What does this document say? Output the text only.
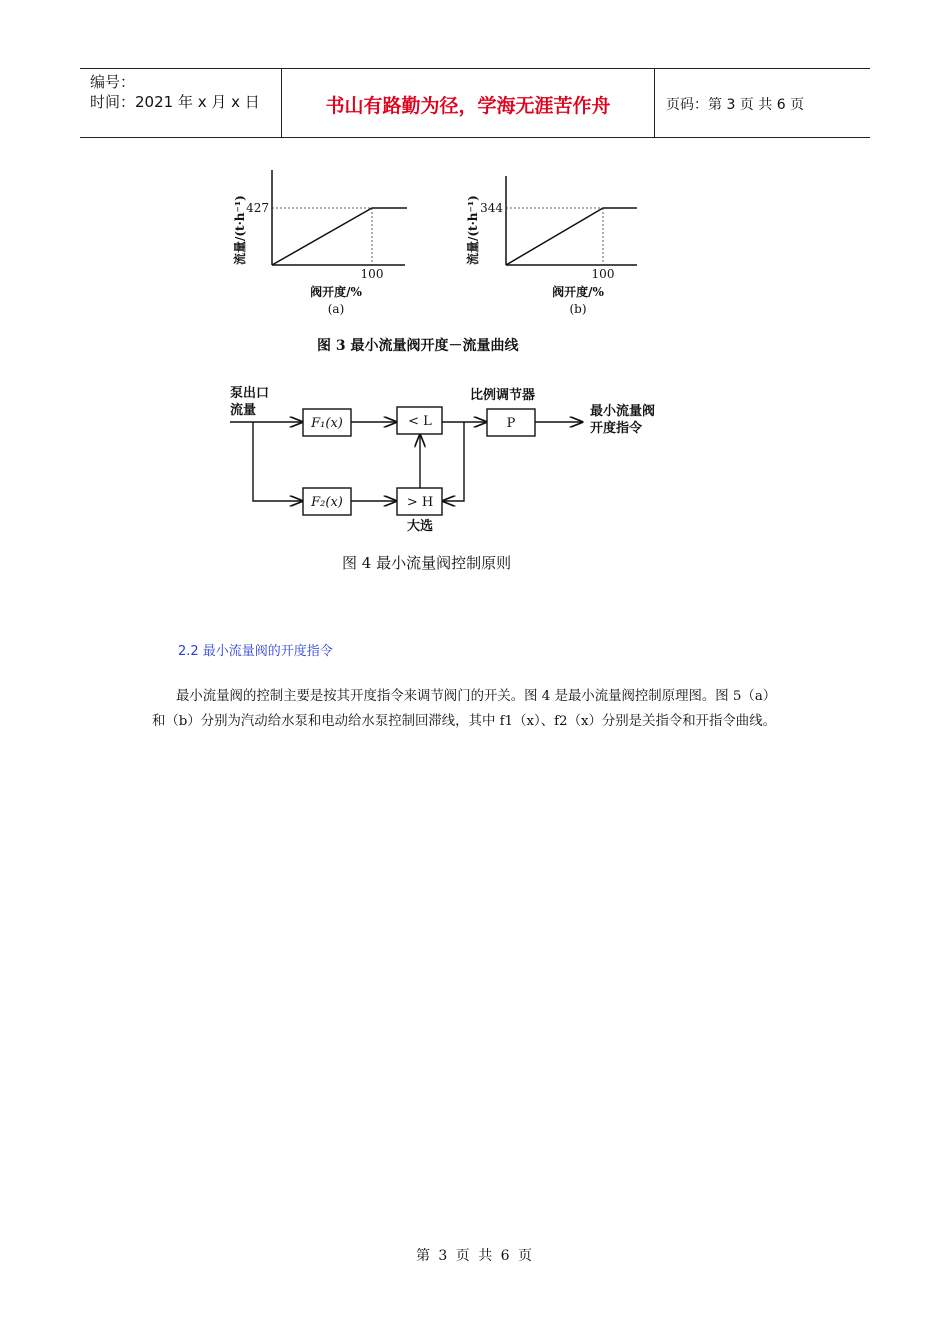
编号：
时间：2021 年 x 月 x 日	书山有路勤为径，学海无涯苦作舟	页码：第 3 页 共 6 页
427
100
流量/(t·h⁻¹)
阀开度/%
(a)
344
100
流量/(t·h⁻¹)
阀开度/%
(b)
图 3 最小流量阀开度－流量曲线
泵出口
流量
F₁(x)
F₂(x)
< L
> H
大选
比例调节器
P
最小流量阀
开度指令
图 4 最小流量阀控制原则
2.2 最小流量阀的开度指令
最小流量阀的控制主要是按其开度指令来调节阀门的开关。图 4 是最小流量阀控制原理图。图 5（a）和（b）分别为汽动给水泵和电动给水泵控制回滞线，其中 f1（x）、f2（x）分别是关指令和开指令曲线。
第 3 页 共 6 页
